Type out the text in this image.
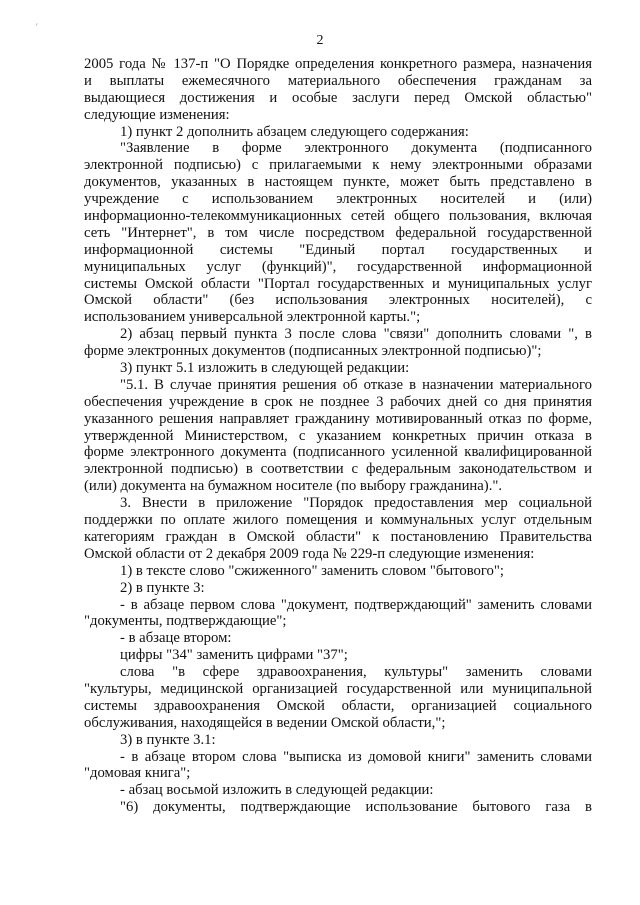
'
2
2005 года № 137-п "О Порядке определения конкретного размера, назначения
и выплаты ежемесячного материального обеспечения гражданам за
выдающиеся достижения и особые заслуги перед Омской областью"
следующие изменения:
1) пункт 2 дополнить абзацем следующего содержания:
"Заявление в форме электронного документа (подписанного
электронной подписью) с прилагаемыми к нему электронными образами
документов, указанных в настоящем пункте, может быть представлено в
учреждение с использованием электронных носителей и (или)
информационно-телекоммуникационных сетей общего пользования, включая
сеть "Интернет", в том числе посредством федеральной государственной
информационной системы "Единый портал государственных и
муниципальных услуг (функций)", государственной информационной
системы Омской области "Портал государственных и муниципальных услуг
Омской области" (без использования электронных носителей), с
использованием универсальной электронной карты.";
2) абзац первый пункта 3 после слова "связи" дополнить словами ", в
форме электронных документов (подписанных электронной подписью)";
3) пункт 5.1 изложить в следующей редакции:
"5.1. В случае принятия решения об отказе в назначении материального
обеспечения учреждение в срок не позднее 3 рабочих дней со дня принятия
указанного решения направляет гражданину мотивированный отказ по форме,
утвержденной Министерством, с указанием конкретных причин отказа в
форме электронного документа (подписанного усиленной квалифицированной
электронной подписью) в соответствии с федеральным законодательством и
(или) документа на бумажном носителе (по выбору гражданина).".
3. Внести в приложение "Порядок предоставления мер социальной
поддержки по оплате жилого помещения и коммунальных услуг отдельным
категориям граждан в Омской области" к постановлению Правительства
Омской области от 2 декабря 2009 года № 229-п следующие изменения:
1) в тексте слово "сжиженного" заменить словом "бытового";
2) в пункте 3:
- в абзаце первом слова "документ, подтверждающий" заменить словами
"документы, подтверждающие";
- в абзаце втором:
цифры "34" заменить цифрами "37";
слова "в сфере здравоохранения, культуры" заменить словами
"культуры, медицинской организацией государственной или муниципальной
системы здравоохранения Омской области, организацией социального
обслуживания, находящейся в ведении Омской области,";
3) в пункте 3.1:
- в абзаце втором слова "выписка из домовой книги" заменить словами
"домовая книга";
- абзац восьмой изложить в следующей редакции:
"6) документы, подтверждающие использование бытового газа в
